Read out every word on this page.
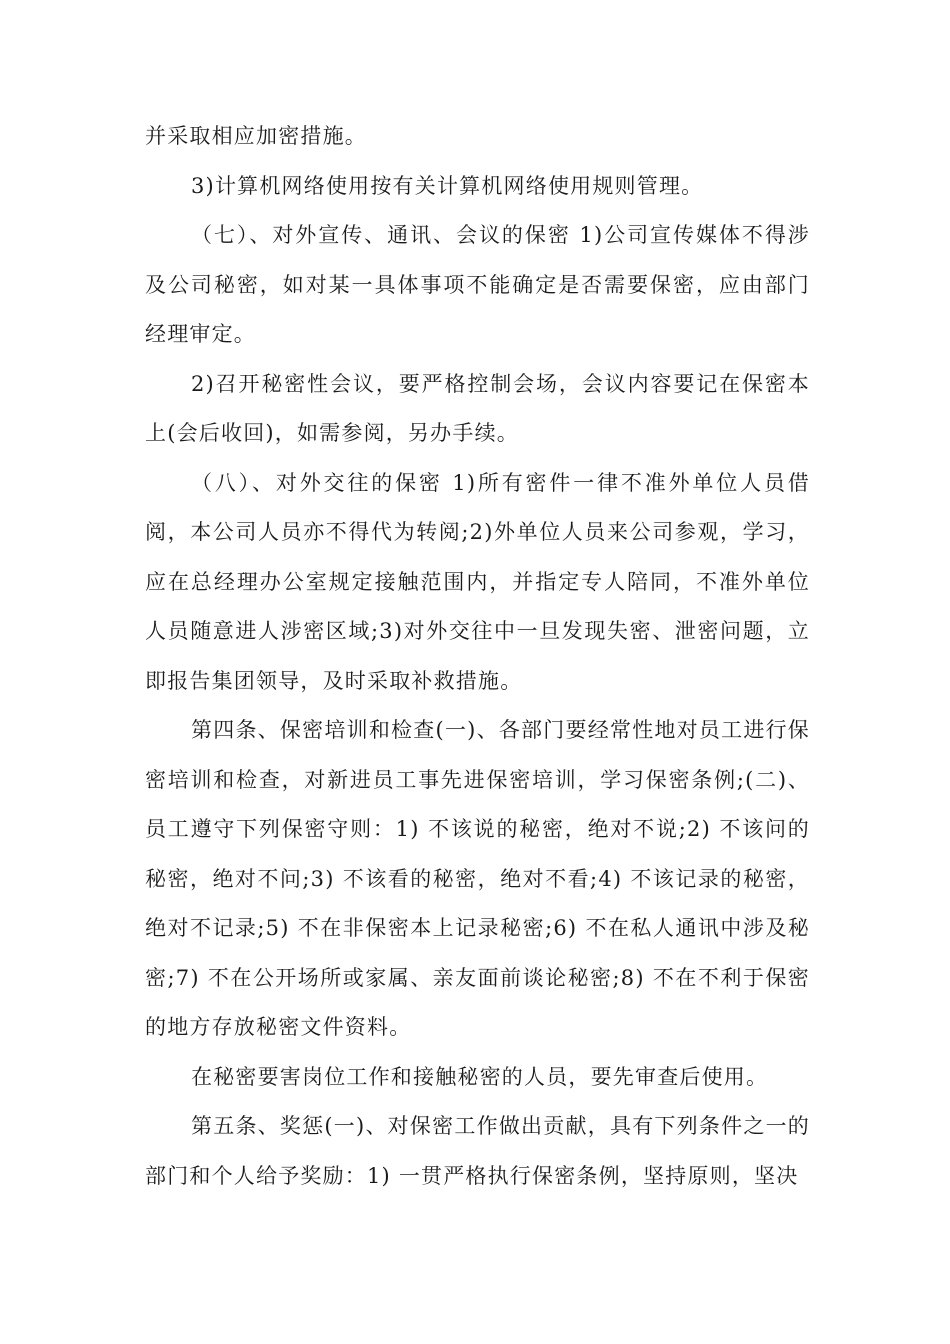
并采取相应加密措施。

3)计算机网络使用按有关计算机网络使用规则管理。

（七）、对外宣传、通讯、会议的保密 1)公司宣传媒体不得涉及公司秘密，如对某一具体事项不能确定是否需要保密，应由部门经理审定。

2)召开秘密性会议，要严格控制会场，会议内容要记在保密本上(会后收回)，如需参阅，另办手续。

（八）、对外交往的保密 1)所有密件一律不准外单位人员借阅，本公司人员亦不得代为转阅;2)外单位人员来公司参观，学习，应在总经理办公室规定接触范围内，并指定专人陪同，不准外单位人员随意进人涉密区域;3)对外交往中一旦发现失密、泄密问题，立即报告集团领导，及时采取补救措施。

第四条、保密培训和检查(一)、各部门要经常性地对员工进行保密培训和检查，对新进员工事先进保密培训，学习保密条例;(二)、员工遵守下列保密守则：1) 不该说的秘密，绝对不说;2) 不该问的秘密，绝对不问;3) 不该看的秘密，绝对不看;4) 不该记录的秘密，绝对不记录;5) 不在非保密本上记录秘密;6) 不在私人通讯中涉及秘密;7) 不在公开场所或家属、亲友面前谈论秘密;8) 不在不利于保密的地方存放秘密文件资料。

在秘密要害岗位工作和接触秘密的人员，要先审查后使用。

第五条、奖惩(一)、对保密工作做出贡献，具有下列条件之一的部门和个人给予奖励：1) 一贯严格执行保密条例，坚持原则，坚决
